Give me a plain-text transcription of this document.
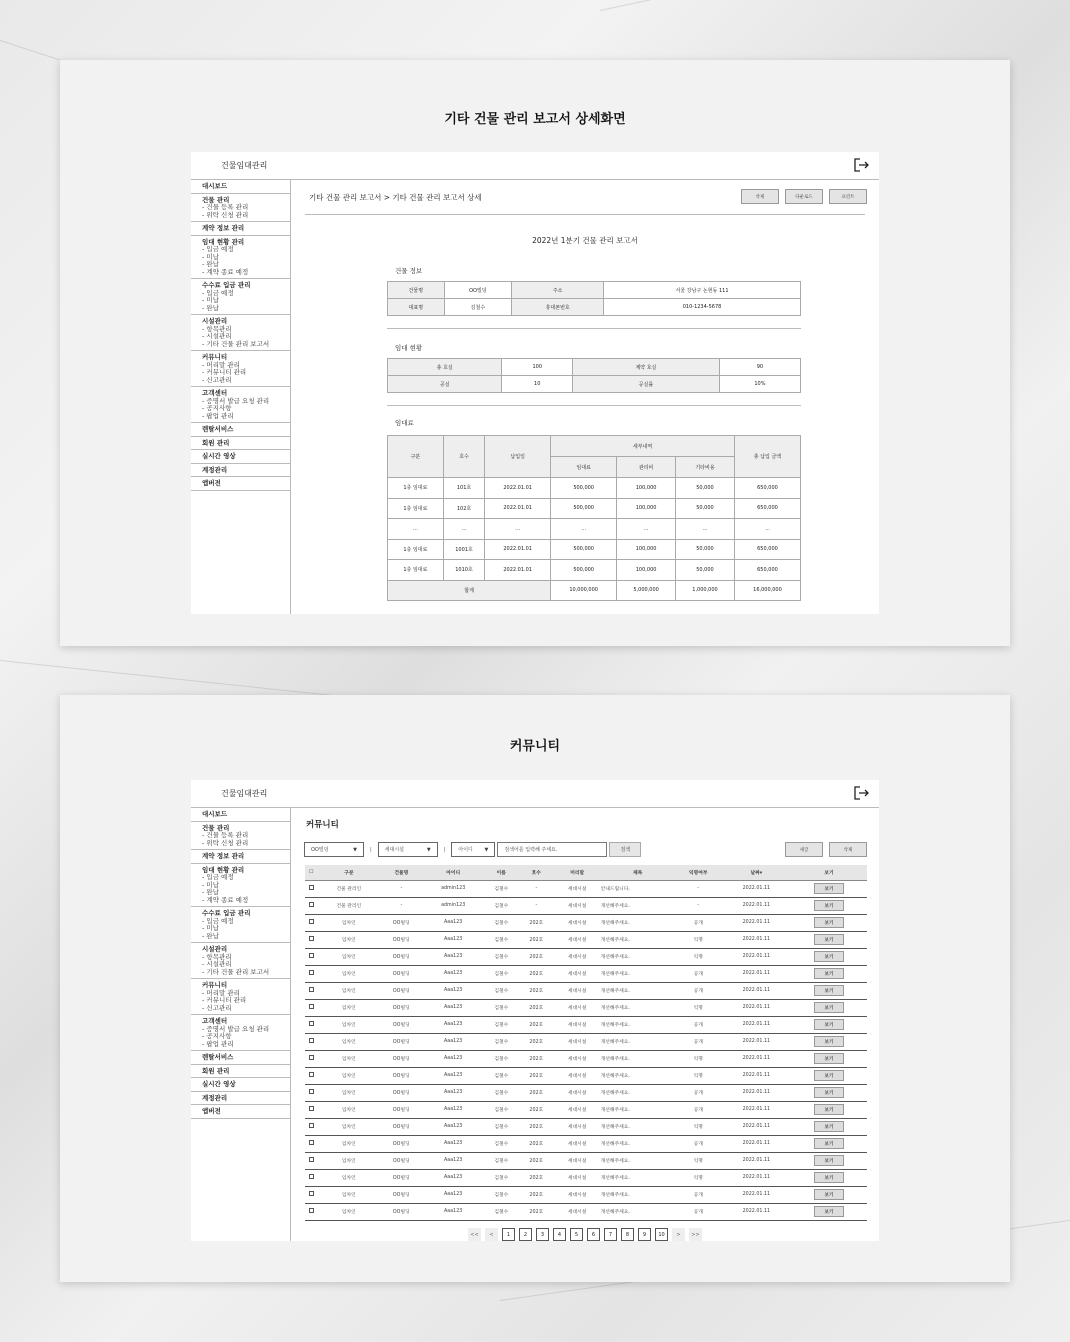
기타 건물 관리 보고서 상세화면
건물임대관리
대시보드
건물 관리
- 건물 등록 관리
- 위탁 신청 관리
계약 정보 관리
임대 현황 관리
- 입금 예정
- 미납
- 완납
- 계약 종료 예정
수수료 입금 관리
- 입금 예정
- 미납
- 완납
시설관리
- 항목관리
- 시설관리
- 기타 건물 관리 보고서
커뮤니티
- 머리말 관리
- 커뮤니티 관리
- 신고관리
고객센터
- 증명서 발급 요청 관리
- 공지사항
- 팝업 관리
렌탈서비스
회원 관리
실시간 영상
계정관리
앱버전
기타 건물 관리 보고서 > 기타 건물 관리 보고서 상세	삭제	다운로드	프린트
2022년 1분기 건물 관리 보고서
건물 정보
건물명	OO빌딩	주소	서울 강남구 논현동 111
대표명	김철수	휴대폰번호	010-1234-5678
임대 현황
총 호실	100	계약 호실	90
공실	10	공실률	10%
임대료
구분	호수	납입일	세부내역			총 납입 금액
			임대료	관리비	기타비용	
1층 임대료	101호	2022.01.01	500,000	100,000	50,000	650,000
1층 임대료	102호	2022.01.01	500,000	100,000	50,000	650,000
...	...	...	...	...	...	...
1층 임대료	1001호	2022.01.01	500,000	100,000	50,000	650,000
1층 임대료	1010호	2022.01.01	500,000	100,000	50,000	650,000
합계			10,000,000	5,000,000	1,000,000	16,000,000
커뮤니티
건물임대관리
대시보드
건물 관리
- 건물 등록 관리
- 위탁 신청 관리
계약 정보 관리
임대 현황 관리
- 입금 예정
- 미납
- 완납
- 계약 종료 예정
수수료 입금 관리
- 입금 예정
- 미납
- 완납
시설관리
- 항목관리
- 시설관리
- 기타 건물 관리 보고서
커뮤니티
- 머리말 관리
- 커뮤니티 관리
- 신고관리
고객센터
- 증명서 발급 요청 관리
- 공지사항
- 팝업 관리
렌탈서비스
회원 관리
실시간 영상
계정관리
앱버전
커뮤니티
OO빌딩	▼	|	세대시설	▼	|	아이디 ▼	검색어를 입력해 주세요.	검색	새글	삭제
☐	구분	건물명	아이디	이름	호수	머리말	제목	익명여부	날짜▾	보기
	건물 관리인	-	admin123	김철수	-	세대시설	안내드립니다.	-	2022.01.11	보기
	건물 관리인	-	admin123	김철수	-	세대시설	개선해주세요.	-	2022.01.11	보기
	입차인	OO빌딩	Aaa123	김철수	202호	세대시설	개선해주세요.	공개	2022.01.11	보기
	입차인	OO빌딩	Aaa123	김철수	202호	세대시설	개선해주세요.	익명	2022.01.11	보기
	입차인	OO빌딩	Aaa123	김철수	202호	세대시설	개선해주세요.	익명	2022.01.11	보기
	입차인	OO빌딩	Aaa123	김철수	202호	세대시설	개선해주세요.	공개	2022.01.11	보기
	입차인	OO빌딩	Aaa123	김철수	202호	세대시설	개선해주세요.	공개	2022.01.11	보기
	입차인	OO빌딩	Aaa123	김철수	202호	세대시설	개선해주세요.	익명	2022.01.11	보기
	입차인	OO빌딩	Aaa123	김철수	202호	세대시설	개선해주세요.	공개	2022.01.11	보기
	입차인	OO빌딩	Aaa123	김철수	202호	세대시설	개선해주세요.	공개	2022.01.11	보기
	입차인	OO빌딩	Aaa123	김철수	202호	세대시설	개선해주세요.	익명	2022.01.11	보기
	입차인	OO빌딩	Aaa123	김철수	202호	세대시설	개선해주세요.	익명	2022.01.11	보기
	입차인	OO빌딩	Aaa123	김철수	202호	세대시설	개선해주세요.	공개	2022.01.11	보기
	입차인	OO빌딩	Aaa123	김철수	202호	세대시설	개선해주세요.	공개	2022.01.11	보기
	입차인	OO빌딩	Aaa123	김철수	202호	세대시설	개선해주세요.	익명	2022.01.11	보기
	입차인	OO빌딩	Aaa123	김철수	202호	세대시설	개선해주세요.	공개	2022.01.11	보기
	입차인	OO빌딩	Aaa123	김철수	202호	세대시설	개선해주세요.	익명	2022.01.11	보기
	입차인	OO빌딩	Aaa123	김철수	202호	세대시설	개선해주세요.	익명	2022.01.11	보기
	입차인	OO빌딩	Aaa123	김철수	202호	세대시설	개선해주세요.	공개	2022.01.11	보기
	입차인	OO빌딩	Aaa123	김철수	202호	세대시설	개선해주세요.	공개	2022.01.11	보기
<<	<	1	2	3	4	5	6	7	8	9	10	>	>>
